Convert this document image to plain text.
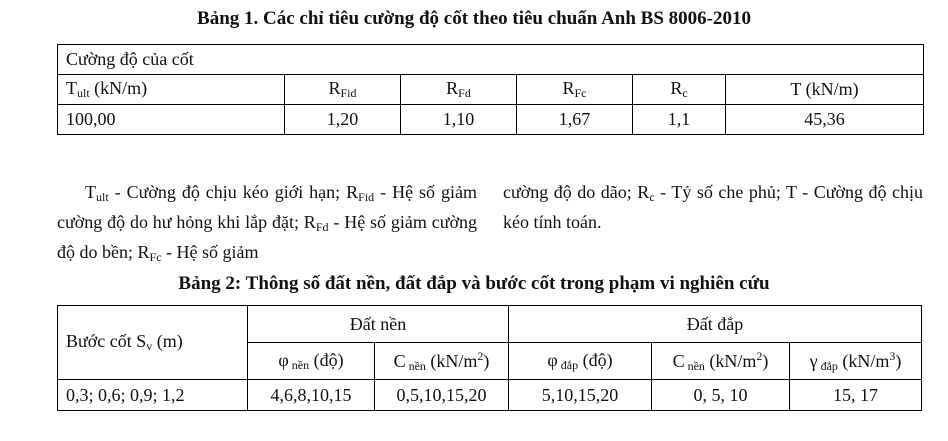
Bảng 1. Các chỉ tiêu cường độ cốt theo tiêu chuẩn Anh BS 8006-2010
Cường độ của cốt					
$T_{ult}$ (kN/m)	$R_{Fid}$	$R_{Fd}$	$R_{Fc}$	$R_c$	T (kN/m)
100,00	1,20	1,10	1,67	1,1	45,36
$T_{ult}$ - Cường độ chịu kéo giới hạn; $R_{Fid}$ - Hệ số giảm cường độ do hư hỏng khi lắp đặt; $R_{Fd}$ - Hệ số giảm cường độ do bền; $R_{Fc}$ - Hệ số giảm
cường độ do dão; $R_c$ - Tỷ số che phủ; T - Cường độ chịu kéo tính toán.
Bảng 2: Thông số đất nền, đất đắp và bước cốt trong phạm vi nghiên cứu
Bước cốt $S_v$ (m)	Đất nền		Đất đắp		
	φ $_{nền}$ (độ)	C $_{nền}$ $(kN/m^2)$	φ $_{đắp}$ (độ)	C $_{nền}$ $(kN/m^2)$	γ $_{đắp}$ $(kN/m^3)$
0,3; 0,6; 0,9; 1,2	4,6,8,10,15	0,5,10,15,20	5,10,15,20	0, 5, 10	15, 17
